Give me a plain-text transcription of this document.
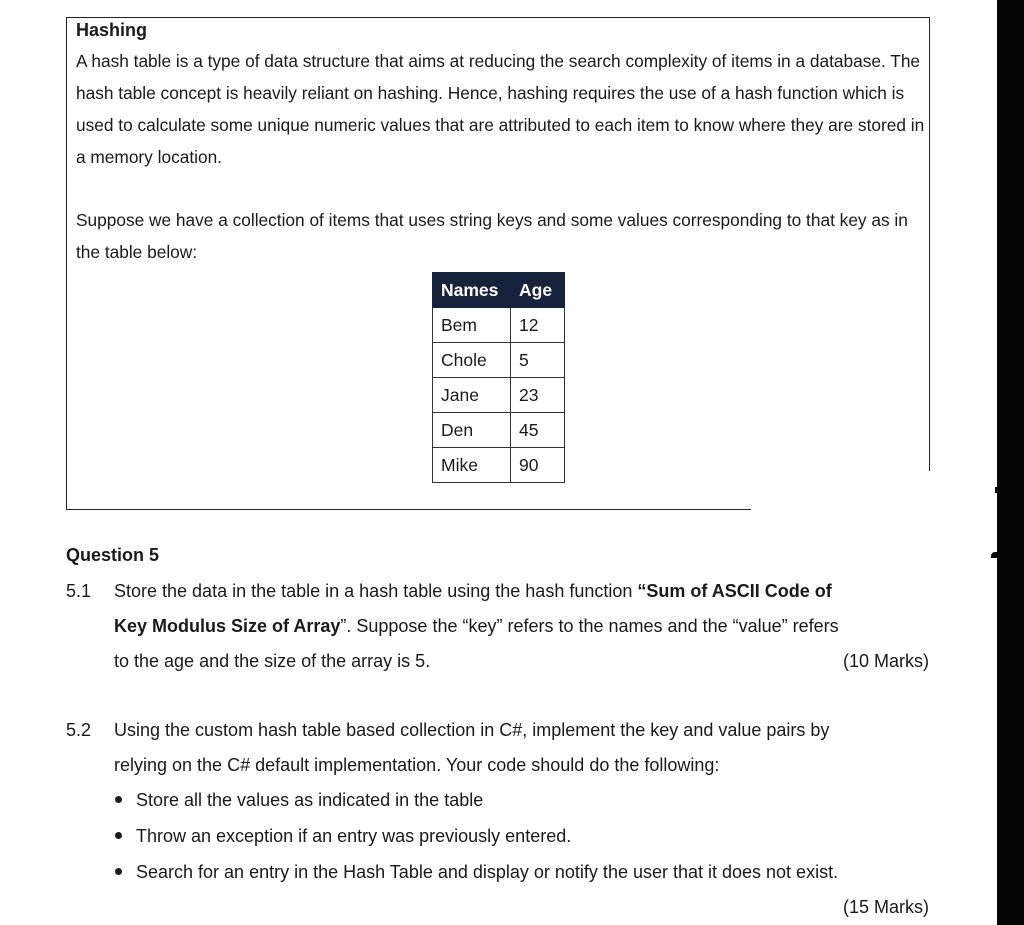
Hashing
A hash table is a type of data structure that aims at reducing the search complexity of items in a database. The hash table concept is heavily reliant on hashing. Hence, hashing requires the use of a hash function which is used to calculate some unique numeric values that are attributed to each item to know where they are stored in a memory location.
Suppose we have a collection of items that uses string keys and some values corresponding to that key as in the table below:
Names	Age
Bem	12
Chole	5
Jane	23
Den	45
Mike	90
Question 5
5.1 Store the data in the table in a hash table using the hash function “Sum of ASCII Code of
Key Modulus Size of Array”. Suppose the “key” refers to the names and the “value” refers
to the age and the size of the array is 5.	(10 Marks)
5.2 Using the custom hash table based collection in C#, implement the key and value pairs by
relying on the C# default implementation. Your code should do the following:
Store all the values as indicated in the table
Throw an exception if an entry was previously entered.
Search for an entry in the Hash Table and display or notify the user that it does not exist.
(15 Marks)
